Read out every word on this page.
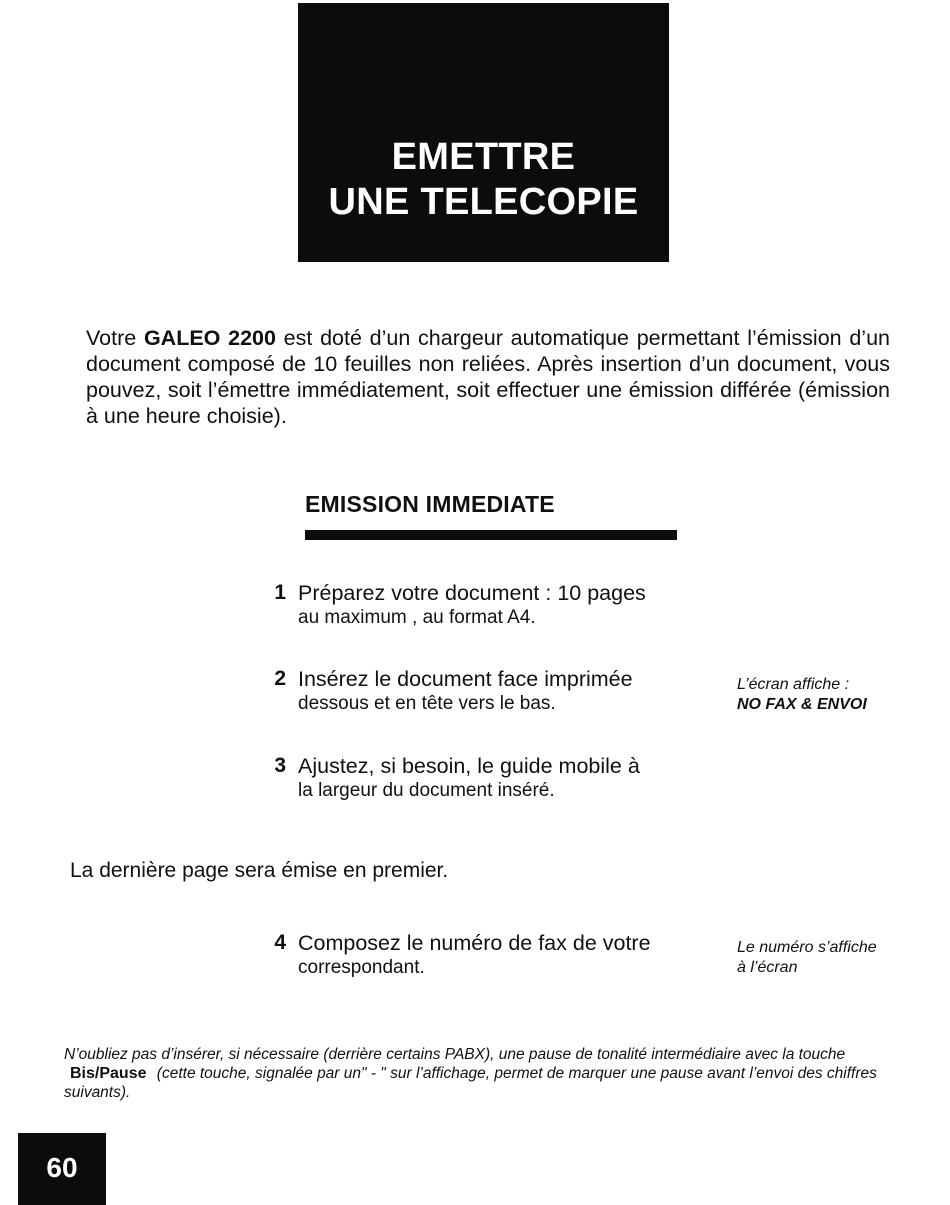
EMETTRE
UNE TELECOPIE

Votre GALEO 2200 est doté d’un chargeur automatique permettant l’émission d’un document composé de 10 feuilles non reliées. Après insertion d’un document, vous pouvez, soit l’émettre immédiatement, soit effectuer une émission différée (émission à une heure choisie).

EMISSION IMMEDIATE
1 Préparez votre document : 10 pages
au maximum , au format A4.

2 Insérez le document face imprimée
dessous et en tête vers le bas.

L’écran affiche :
NO FAX & ENVOI
3 Ajustez, si besoin, le guide mobile à
la largeur du document inséré.

La dernière page sera émise en premier.

4 Composez le numéro de fax de votre
correspondant.

Le numéro s’affiche
à l’écran

N’oubliez pas d’insérer, si nécessaire (derrière certains PABX), une pause de tonalité intermédiaire avec la touche Bis/Pause (cette touche, signalée par un" - " sur l’affichage, permet de marquer une pause avant l’envoi des chiffres suivants).

60
